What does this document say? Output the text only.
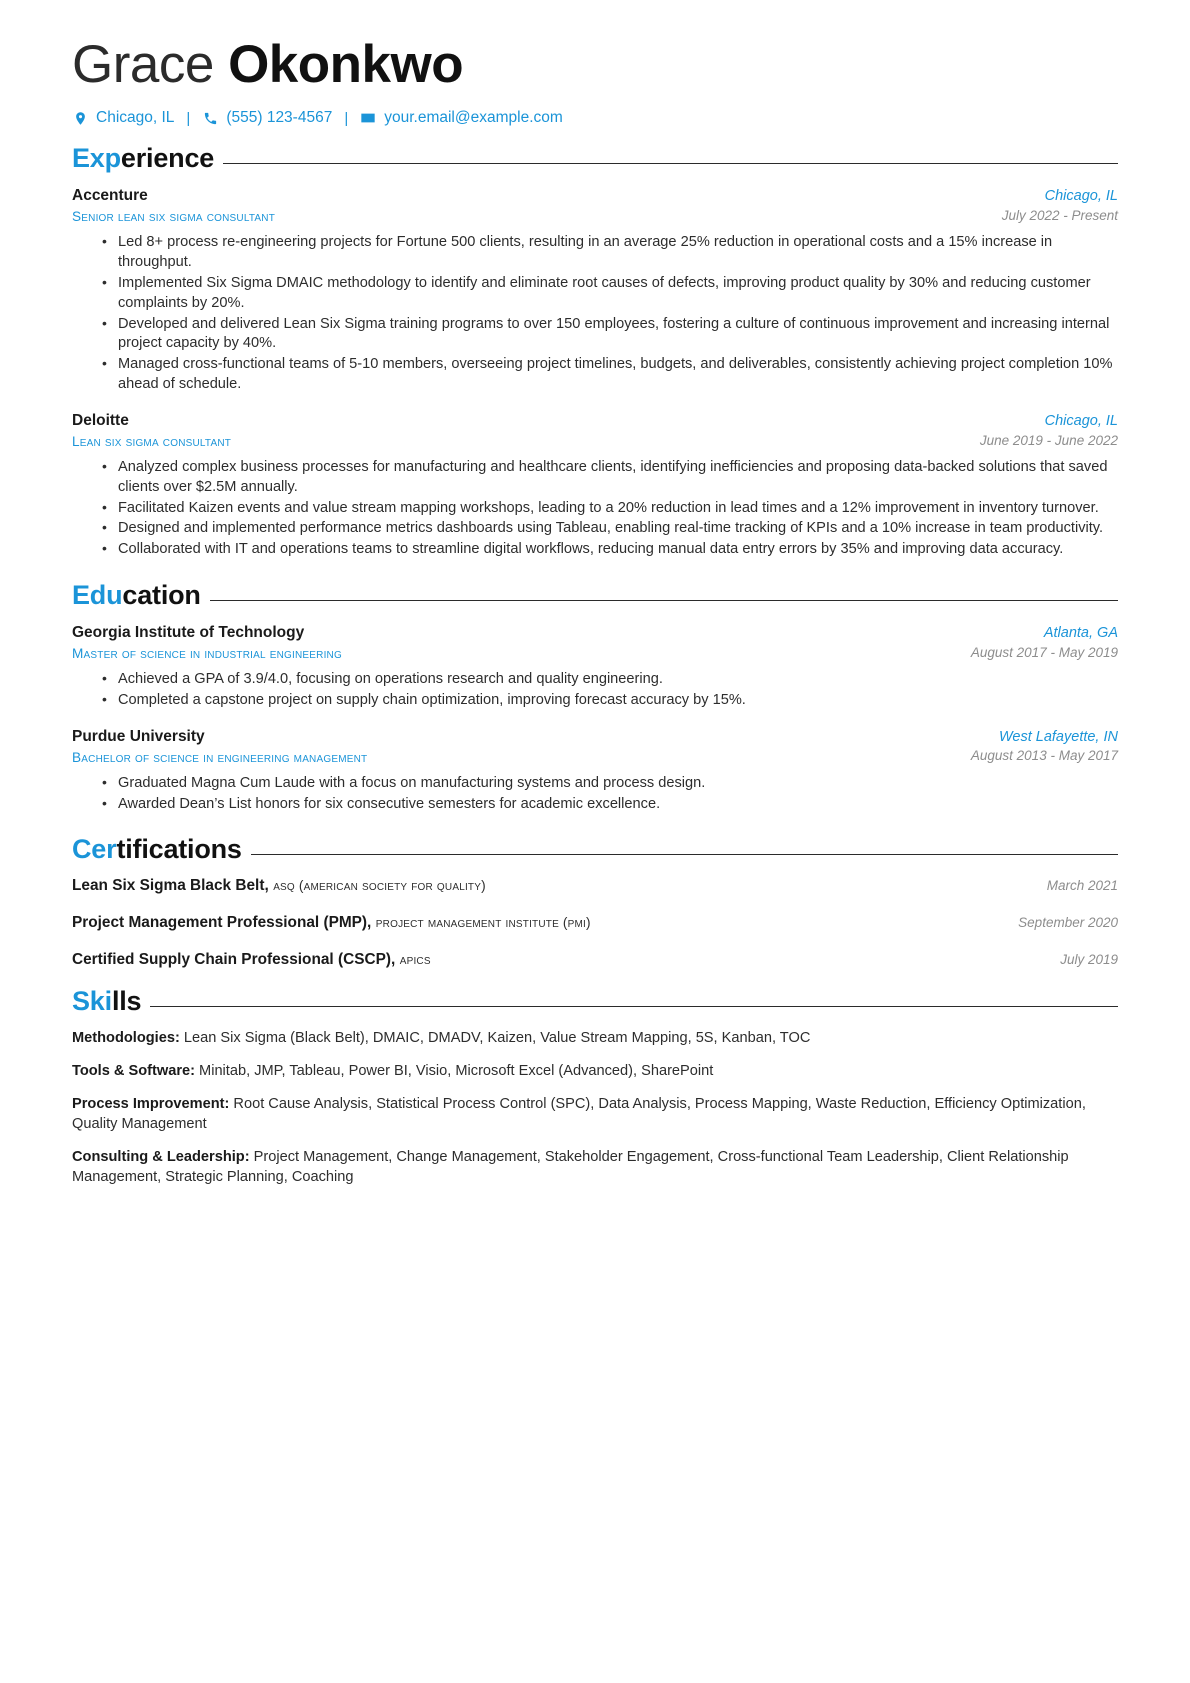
Grace Okonkwo
Chicago, IL |	(555) 123-4567 |	your.email@example.com
Experience
Accenture
Senior lean six sigma consultant
Chicago, IL
July 2022 - Present
• Led 8+ process re-engineering projects for Fortune 500 clients, resulting in an average 25% reduction in operational costs and a 15% increase in throughput.
• Implemented Six Sigma DMAIC methodology to identify and eliminate root causes of defects, improving product quality by 30% and reducing customer complaints by 20%.
• Developed and delivered Lean Six Sigma training programs to over 150 employees, fostering a culture of continuous improvement and increasing internal project capacity by 40%.
• Managed cross-functional teams of 5-10 members, overseeing project timelines, budgets, and deliverables, consistently achieving project completion 10% ahead of schedule.
Deloitte
Lean six sigma consultant
Chicago, IL
June 2019 - June 2022
• Analyzed complex business processes for manufacturing and healthcare clients, identifying inefficiencies and proposing data-backed solutions that saved clients over $2.5M annually.
• Facilitated Kaizen events and value stream mapping workshops, leading to a 20% reduction in lead times and a 12% improvement in inventory turnover.
• Designed and implemented performance metrics dashboards using Tableau, enabling real-time tracking of KPIs and a 10% increase in team productivity.
• Collaborated with IT and operations teams to streamline digital workflows, reducing manual data entry errors by 35% and improving data accuracy.
Education
Georgia Institute of Technology
Master of science in industrial engineering
Atlanta, GA
August 2017 - May 2019
• Achieved a GPA of 3.9/4.0, focusing on operations research and quality engineering.
• Completed a capstone project on supply chain optimization, improving forecast accuracy by 15%.
Purdue University
Bachelor of science in engineering management
West Lafayette, IN
August 2013 - May 2017
• Graduated Magna Cum Laude with a focus on manufacturing systems and process design.
• Awarded Dean’s List honors for six consecutive semesters for academic excellence.
Certifications
Lean Six Sigma Black Belt, asq (american society for quality)	March 2021
Project Management Professional (PMP), project management institute (pmi)	September 2020
Certified Supply Chain Professional (CSCP), apics	July 2019
Skills
Methodologies: Lean Six Sigma (Black Belt), DMAIC, DMADV, Kaizen, Value Stream Mapping, 5S, Kanban, TOC
Tools & Software: Minitab, JMP, Tableau, Power BI, Visio, Microsoft Excel (Advanced), SharePoint
Process Improvement: Root Cause Analysis, Statistical Process Control (SPC), Data Analysis, Process Mapping, Waste Reduction, Efficiency Optimization, Quality Management
Consulting & Leadership: Project Management, Change Management, Stakeholder Engagement, Cross-functional Team Leadership, Client Relationship Management, Strategic Planning, Coaching
